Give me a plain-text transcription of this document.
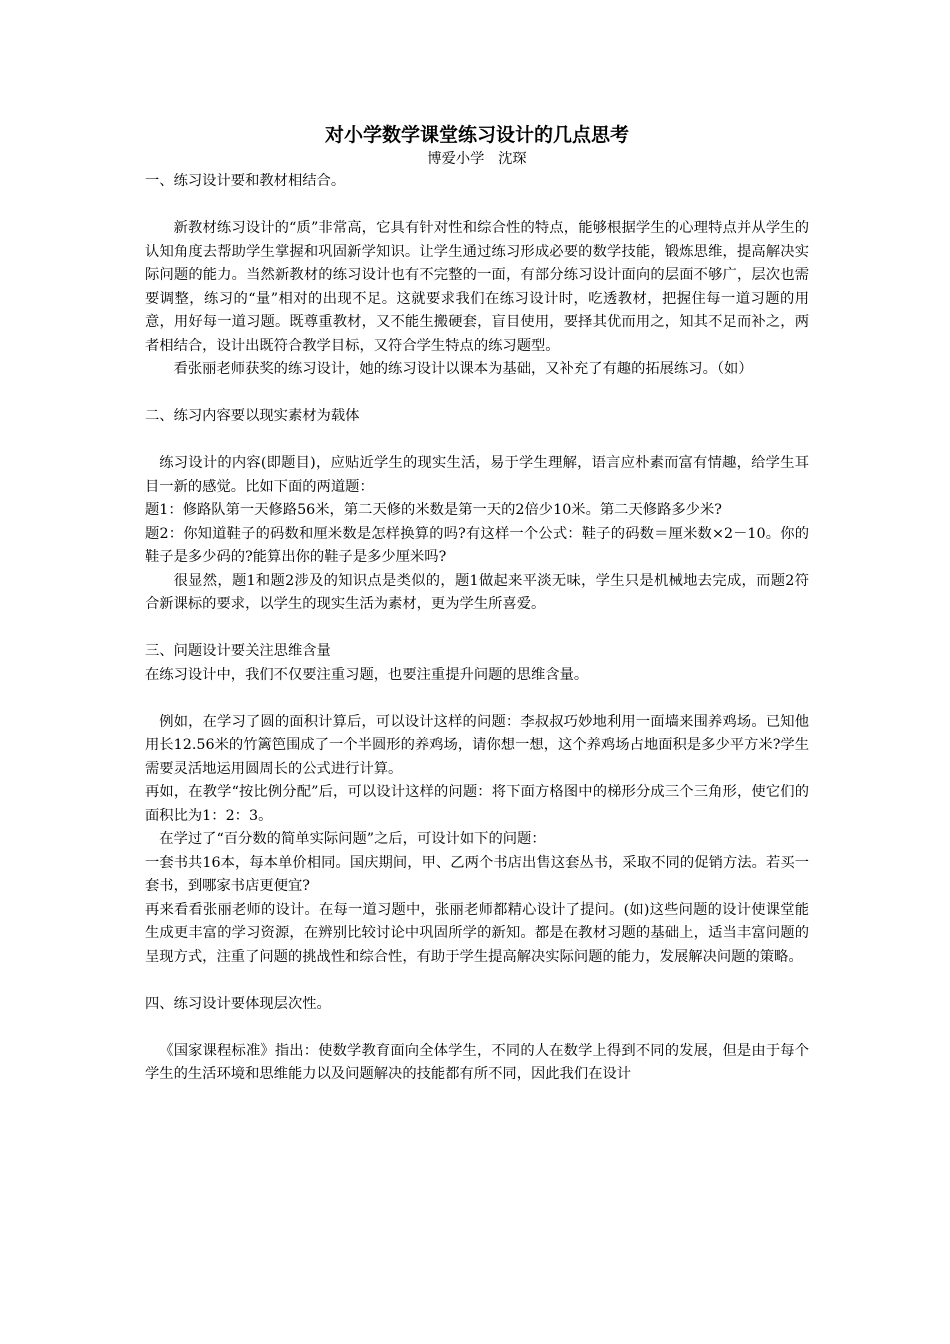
对小学数学课堂练习设计的几点思考
博爱小学   沈琛
一、练习设计要和教材相结合。
新教材练习设计的“质”非常高，它具有针对性和综合性的特点，能够根据学生的心理特点并从学生的认知角度去帮助学生掌握和巩固新学知识。让学生通过练习形成必要的数学技能，锻炼思维，提高解决实际问题的能力。当然新教材的练习设计也有不完整的一面，有部分练习设计面向的层面不够广，层次也需要调整，练习的“量”相对的出现不足。这就要求我们在练习设计时，吃透教材，把握住每一道习题的用意，用好每一道习题。既尊重教材，又不能生搬硬套，盲目使用，要择其优而用之，知其不足而补之，两者相结合，设计出既符合教学目标，又符合学生特点的练习题型。
看张丽老师获奖的练习设计，她的练习设计以课本为基础，又补充了有趣的拓展练习。（如）
二、练习内容要以现实素材为载体
练习设计的内容(即题目)，应贴近学生的现实生活，易于学生理解，语言应朴素而富有情趣，给学生耳目一新的感觉。比如下面的两道题：
题1：修路队第一天修路56米，第二天修的米数是第一天的2倍少10米。第二天修路多少米?
题2：你知道鞋子的码数和厘米数是怎样换算的吗?有这样一个公式：鞋子的码数＝厘米数×2－10。你的鞋子是多少码的?能算出你的鞋子是多少厘米吗?
很显然，题1和题2涉及的知识点是类似的，题1做起来平淡无味，学生只是机械地去完成，而题2符合新课标的要求，以学生的现实生活为素材，更为学生所喜爱。
三、问题设计要关注思维含量
在练习设计中，我们不仅要注重习题，也要注重提升问题的思维含量。
例如，在学习了圆的面积计算后，可以设计这样的问题：李叔叔巧妙地利用一面墙来围养鸡场。已知他用长12.56米的竹篱笆围成了一个半圆形的养鸡场，请你想一想，这个养鸡场占地面积是多少平方米?学生需要灵活地运用圆周长的公式进行计算。
再如，在教学“按比例分配”后，可以设计这样的问题：将下面方格图中的梯形分成三个三角形，使它们的面积比为1：2：3。
在学过了“百分数的简单实际问题”之后，可设计如下的问题：
一套书共16本，每本单价相同。国庆期间，甲、乙两个书店出售这套丛书，采取不同的促销方法。若买一套书，到哪家书店更便宜?
再来看看张丽老师的设计。在每一道习题中，张丽老师都精心设计了提问。(如)这些问题的设计使课堂能生成更丰富的学习资源，在辨别比较讨论中巩固所学的新知。都是在教材习题的基础上，适当丰富问题的呈现方式，注重了问题的挑战性和综合性，有助于学生提高解决实际问题的能力，发展解决问题的策略。
四、练习设计要体现层次性。
《国家课程标准》指出：使数学教育面向全体学生，不同的人在数学上得到不同的发展，但是由于每个学生的生活环境和思维能力以及问题解决的技能都有所不同，因此我们在设计
